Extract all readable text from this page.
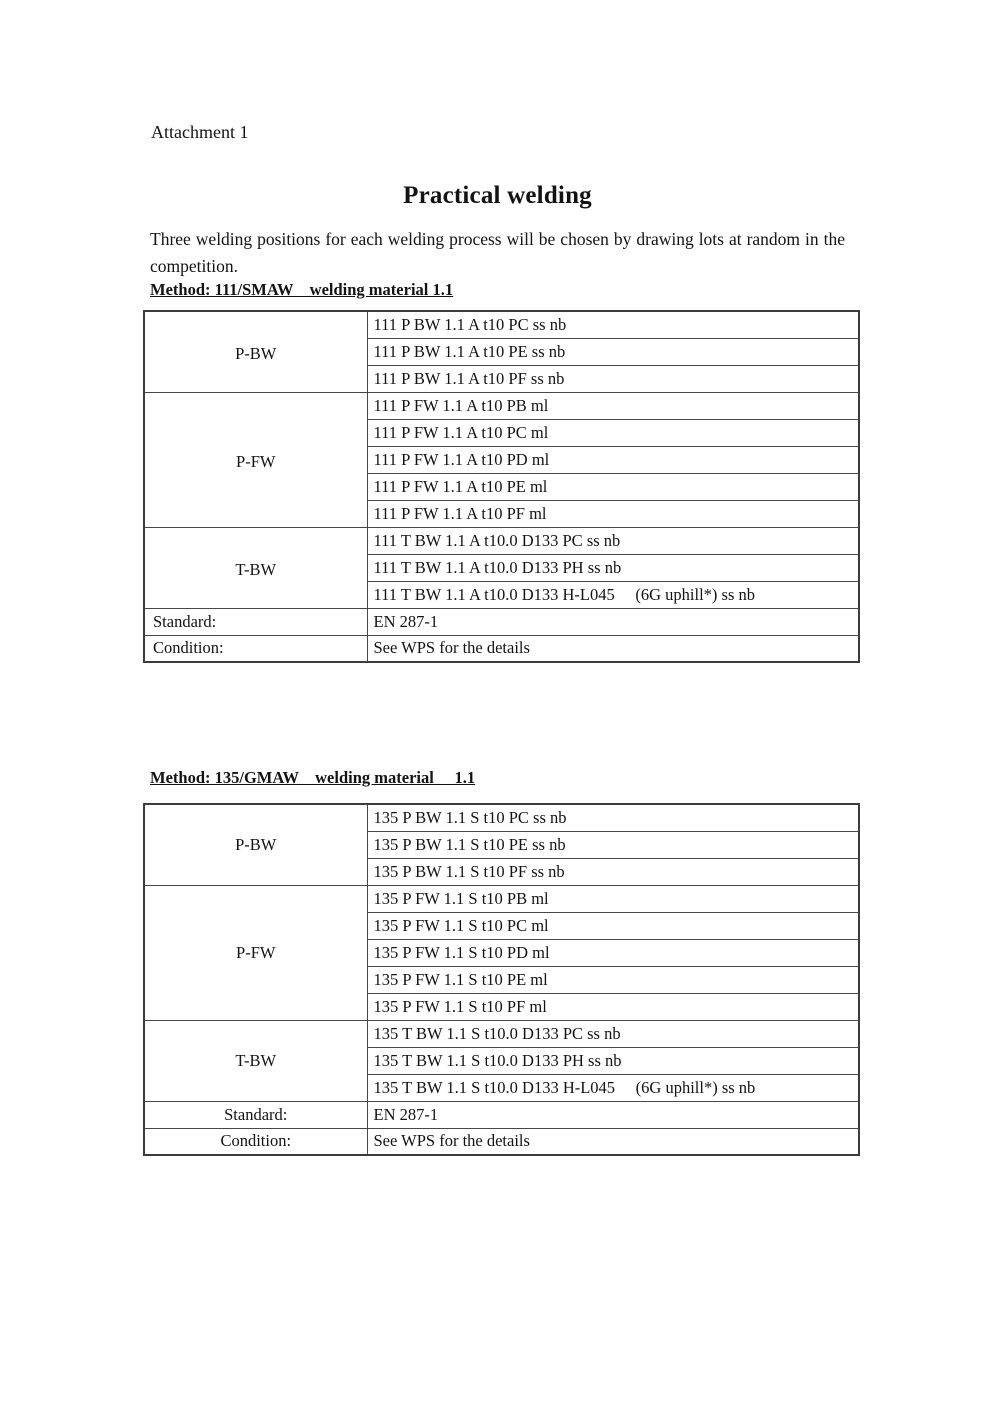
Attachment 1
Practical welding

Three welding positions for each welding process will be chosen by drawing lots at random in the competition.

Method: 111/SMAW    welding material 1.1
P-BW	111 P BW 1.1 A t10 PC ss nb
	111 P BW 1.1 A t10 PE ss nb
	111 P BW 1.1 A t10 PF ss nb
P-FW	111 P FW 1.1 A t10 PB ml
	111 P FW 1.1 A t10 PC ml
	111 P FW 1.1 A t10 PD ml
	111 P FW 1.1 A t10 PE ml
	111 P FW 1.1 A t10 PF ml
T-BW	111 T BW 1.1 A t10.0 D133 PC ss nb
	111 T BW 1.1 A t10.0 D133 PH ss nb
	111 T BW 1.1 A t10.0 D133 H-L045     (6G uphill*) ss nb
Standard:	EN 287-1
Condition:	See WPS for the details
Method: 135/GMAW    welding material     1.1
P-BW	135 P BW 1.1 S t10 PC ss nb
	135 P BW 1.1 S t10 PE ss nb
	135 P BW 1.1 S t10 PF ss nb
P-FW	135 P FW 1.1 S t10 PB ml
	135 P FW 1.1 S t10 PC ml
	135 P FW 1.1 S t10 PD ml
	135 P FW 1.1 S t10 PE ml
	135 P FW 1.1 S t10 PF ml
T-BW	135 T BW 1.1 S t10.0 D133 PC ss nb
	135 T BW 1.1 S t10.0 D133 PH ss nb
	135 T BW 1.1 S t10.0 D133 H-L045     (6G uphill*) ss nb
Standard:	EN 287-1
Condition:	See WPS for the details
